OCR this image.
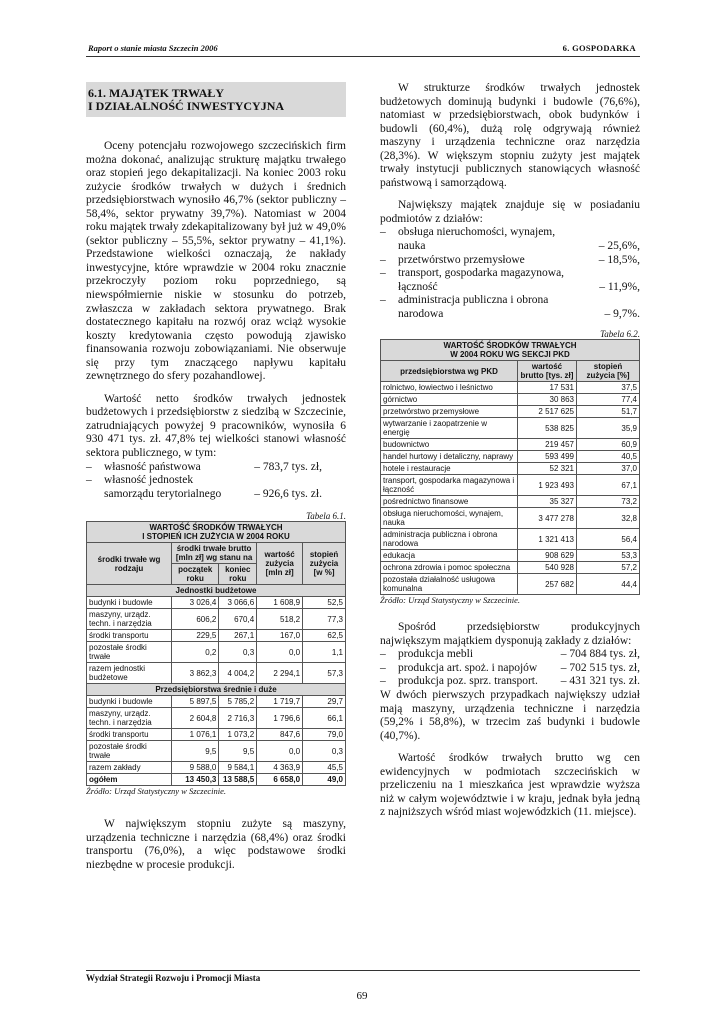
Raport o stanie miasta Szczecin 2006	6. GOSPODARKA
6.1. MAJĄTEK TRWAŁY
I DZIAŁALNOŚĆ INWESTYCYJNA

Oceny potencjału rozwojowego szczecińskich firm można dokonać, analizując strukturę majątku trwałego oraz stopień jego dekapitalizacji. Na koniec 2003 roku zużycie środków trwałych w dużych i średnich przedsiębiorstwach wynosiło 46,7% (sektor publiczny – 58,4%, sektor prywatny 39,7%). Natomiast w 2004 roku majątek trwały zdekapitalizowany był już w 49,0% (sektor publiczny – 55,5%, sektor prywatny – 41,1%). Przedstawione wielkości oznaczają, że nakłady inwestycyjne, które wprawdzie w 2004 roku znacznie przekroczyły poziom roku poprzedniego, są niewspółmiernie niskie w stosunku do potrzeb, zwłaszcza w zakładach sektora prywatnego. Brak dostatecznego kapitału na rozwój oraz wciąż wysokie koszty kredytowania często powodują zjawisko finansowania rozwoju zobowiązaniami. Nie obserwuje się przy tym znaczącego napływu kapitału zewnętrznego do sfery pozahandlowej.

Wartość netto środków trwałych jednostek budżetowych i przedsiębiorstw z siedzibą w Szczecinie, zatrudniających powyżej 9 pracowników, wynosiła 6 930 471 tys. zł. 47,8% tej wielkości stanowi własność sektora publicznego, w tym:

– własność państwowa	– 783,7 tys. zł,
– własność jednostek
samorządu terytorialnego	– 926,6 tys. zł.
Tabela 6.1.
WARTOŚĆ ŚRODKÓW TRWAŁYCH
I STOPIEŃ ICH ZUŻYCIA W 2004 ROKU				

środki trwałe wg rodzaju	środki trwałe brutto [mln zł] wg stanu na		wartość zużycia [mln zł]	stopień zużycia [w %]
	początek roku	koniec roku		
Jednostki budżetowe				
budynki i budowle	3 026,4	3 066,6	1 608,9	52,5
maszyny, urządz. techn. i narzędzia	606,2	670,4	518,2	77,3
środki transportu	229,5	267,1	167,0	62,5
pozostałe środki trwałe	0,2	0,3	0,0	1,1
razem jednostki budżetowe	3 862,3	4 004,2	2 294,1	57,3
Przedsiębiorstwa średnie i duże				
budynki i budowle	5 897,5	5 785,2	1 719,7	29,7
maszyny, urządz. techn. i narzędzia	2 604,8	2 716,3	1 796,6	66,1
środki transportu	1 076,1	1 073,2	847,6	79,0
pozostałe środki trwałe	9,5	9,5	0,0	0,3
razem zakłady	9 588,0	9 584,1	4 363,9	45,5
ogółem	13 450,3	13 588,5	6 658,0	49,0
Źródło: Urząd Statystyczny w Szczecinie.

W największym stopniu zużyte są maszyny, urządzenia techniczne i narzędzia (68,4%) oraz środki transportu (76,0%), a więc podstawowe środki niezbędne w procesie produkcji.

W strukturze środków trwałych jednostek budżetowych dominują budynki i budowle (76,6%), natomiast w przedsiębiorstwach, obok budynków i budowli (60,4%), dużą rolę odgrywają również maszyny i urządzenia techniczne oraz narzędzia (28,3%). W większym stopniu zużyty jest majątek trwały instytucji publicznych stanowiących własność państwową i samorządową.

Największy majątek znajduje się w posiadaniu podmiotów z działów:

– obsługa nieruchomości, wynajem,
nauka	– 25,6%,
– przetwórstwo przemysłowe	– 18,5%,
– transport, gospodarka magazynowa,
łączność	– 11,9%,
– administracja publiczna i obrona
narodowa	– 9,7%.
Tabela 6.2.
WARTOŚĆ ŚRODKÓW TRWAŁYCH
W 2004 ROKU WG SEKCJI PKD		

przedsiębiorstwa wg PKD	wartość brutto [tys. zł]	stopień zużycia [%]
rolnictwo, łowiectwo i leśnictwo	17 531	37,5
górnictwo	30 863	77,4
przetwórstwo przemysłowe	2 517 625	51,7
wytwarzanie i zaopatrzenie w energię	538 825	35,9
budownictwo	219 457	60,9
handel hurtowy i detaliczny, naprawy	593 499	40,5
hotele i restauracje	52 321	37,0
transport, gospodarka magazynowa i łączność	1 923 493	67,1
pośrednictwo finansowe	35 327	73,2
obsługa nieruchomości, wynajem, nauka	3 477 278	32,8
administracja publiczna i obrona narodowa	1 321 413	56,4
edukacja	908 629	53,3
ochrona zdrowia i pomoc społeczna	540 928	57,2
pozostała działalność usługowa komunalna	257 682	44,4
Źródło: Urząd Statystyczny w Szczecinie.

Spośród przedsiębiorstw produkcyjnych największym majątkiem dysponują zakłady z działów:

– produkcja mebli	– 704 884 tys. zł,
– produkcja art. spoż. i napojów – 702 515 tys. zł,
– produkcja poz. sprz. transport. – 431 321 tys. zł.

W dwóch pierwszych przypadkach największy udział mają maszyny, urządzenia techniczne i narzędzia (59,2% i 58,8%), w trzecim zaś budynki i budowle (40,7%).

Wartość środków trwałych brutto wg cen ewidencyjnych w podmiotach szczecińskich w przeliczeniu na 1 mieszkańca jest wprawdzie wyższa niż w całym województwie i w kraju, jednak była jedną z najniższych wśród miast wojewódzkich (11. miejsce).

Wydział Strategii Rozwoju i Promocji Miasta
69
